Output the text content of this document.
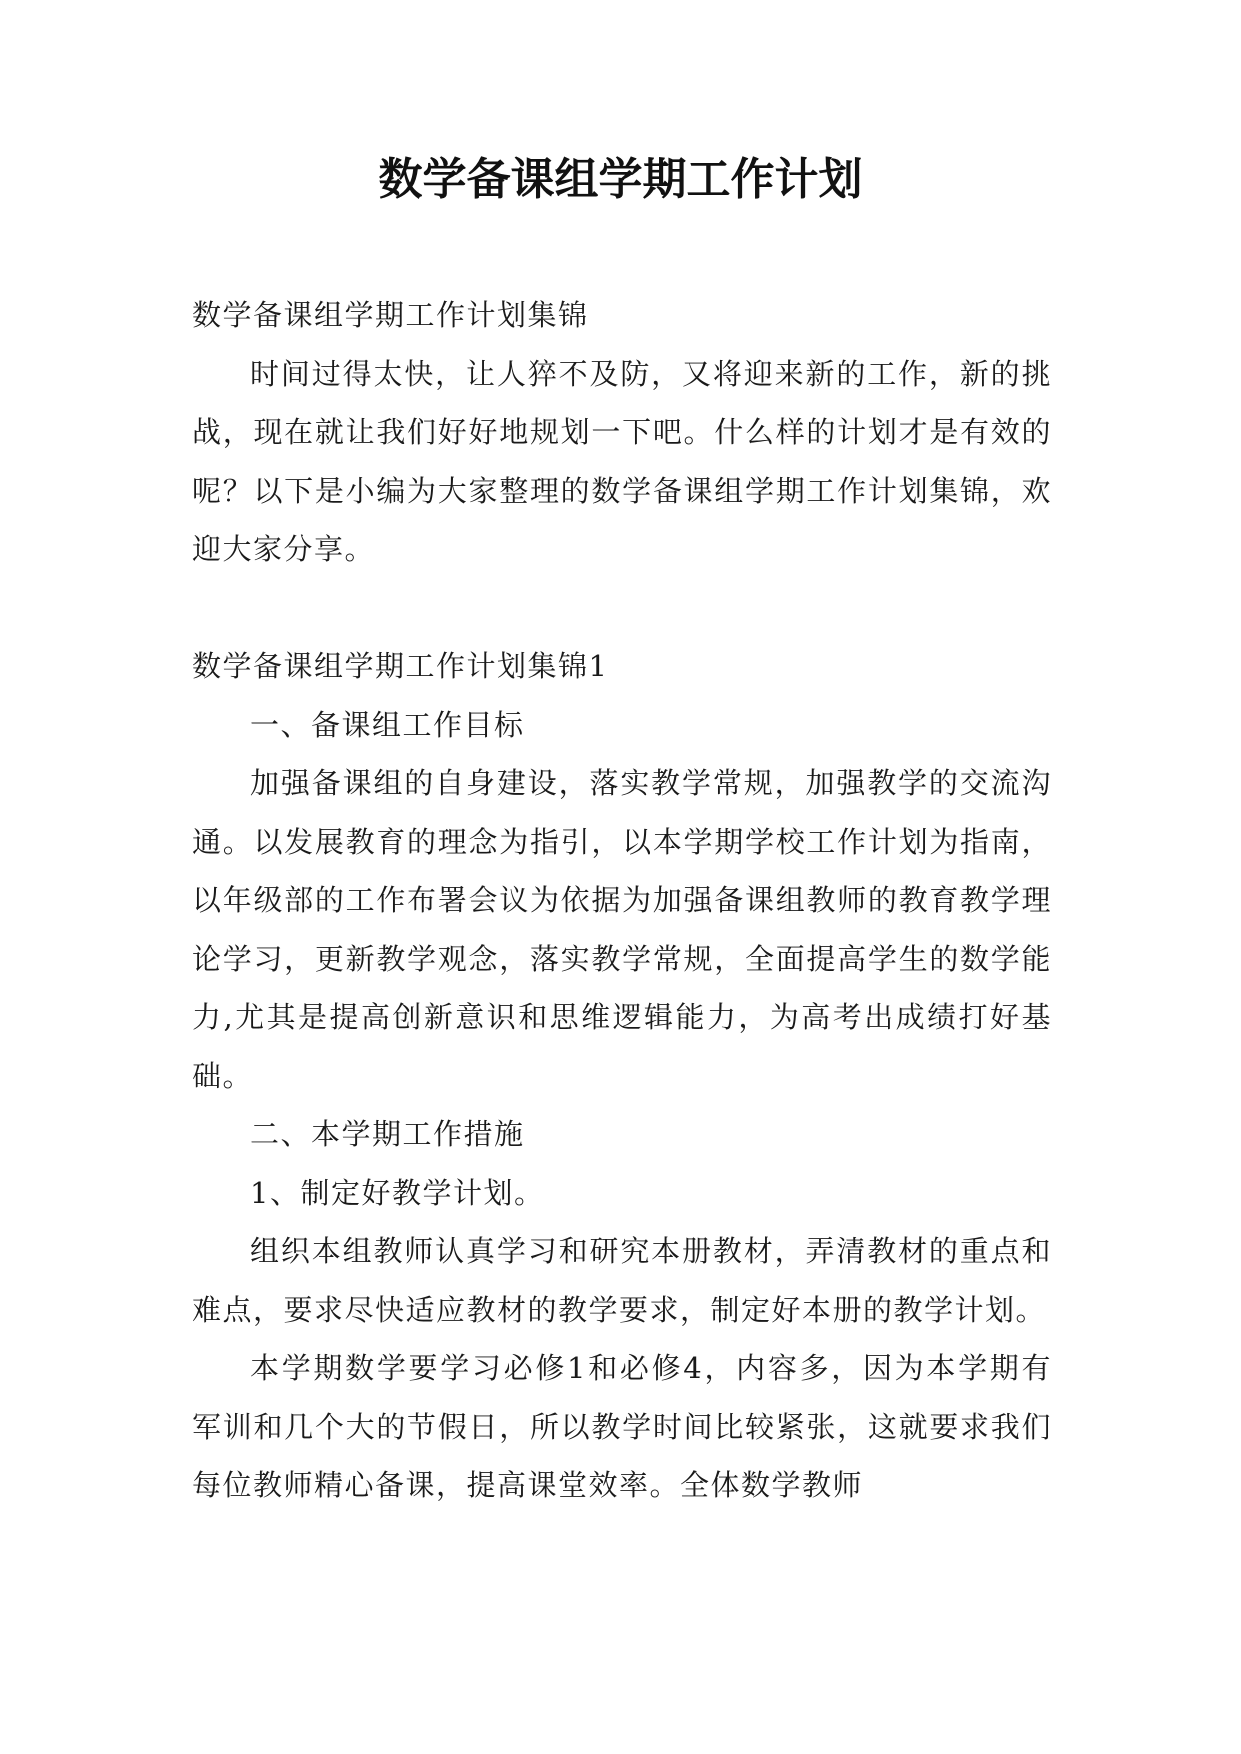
数学备课组学期工作计划

数学备课组学期工作计划集锦

时间过得太快，让人猝不及防，又将迎来新的工作，新的挑战，现在就让我们好好地规划一下吧。什么样的计划才是有效的呢？以下是小编为大家整理的数学备课组学期工作计划集锦，欢迎大家分享。

数学备课组学期工作计划集锦1

一、备课组工作目标

加强备课组的自身建设，落实教学常规，加强教学的交流沟通。以发展教育的理念为指引，以本学期学校工作计划为指南，以年级部的工作布署会议为依据为加强备课组教师的教育教学理论学习，更新教学观念，落实教学常规，全面提高学生的数学能力,尤其是提高创新意识和思维逻辑能力，为高考出成绩打好基础。

二、本学期工作措施

1、制定好教学计划。

组织本组教师认真学习和研究本册教材，弄清教材的重点和难点，要求尽快适应教材的教学要求，制定好本册的教学计划。

本学期数学要学习必修1和必修4，内容多，因为本学期有军训和几个大的节假日，所以教学时间比较紧张，这就要求我们每位教师精心备课，提高课堂效率。全体数学教师
